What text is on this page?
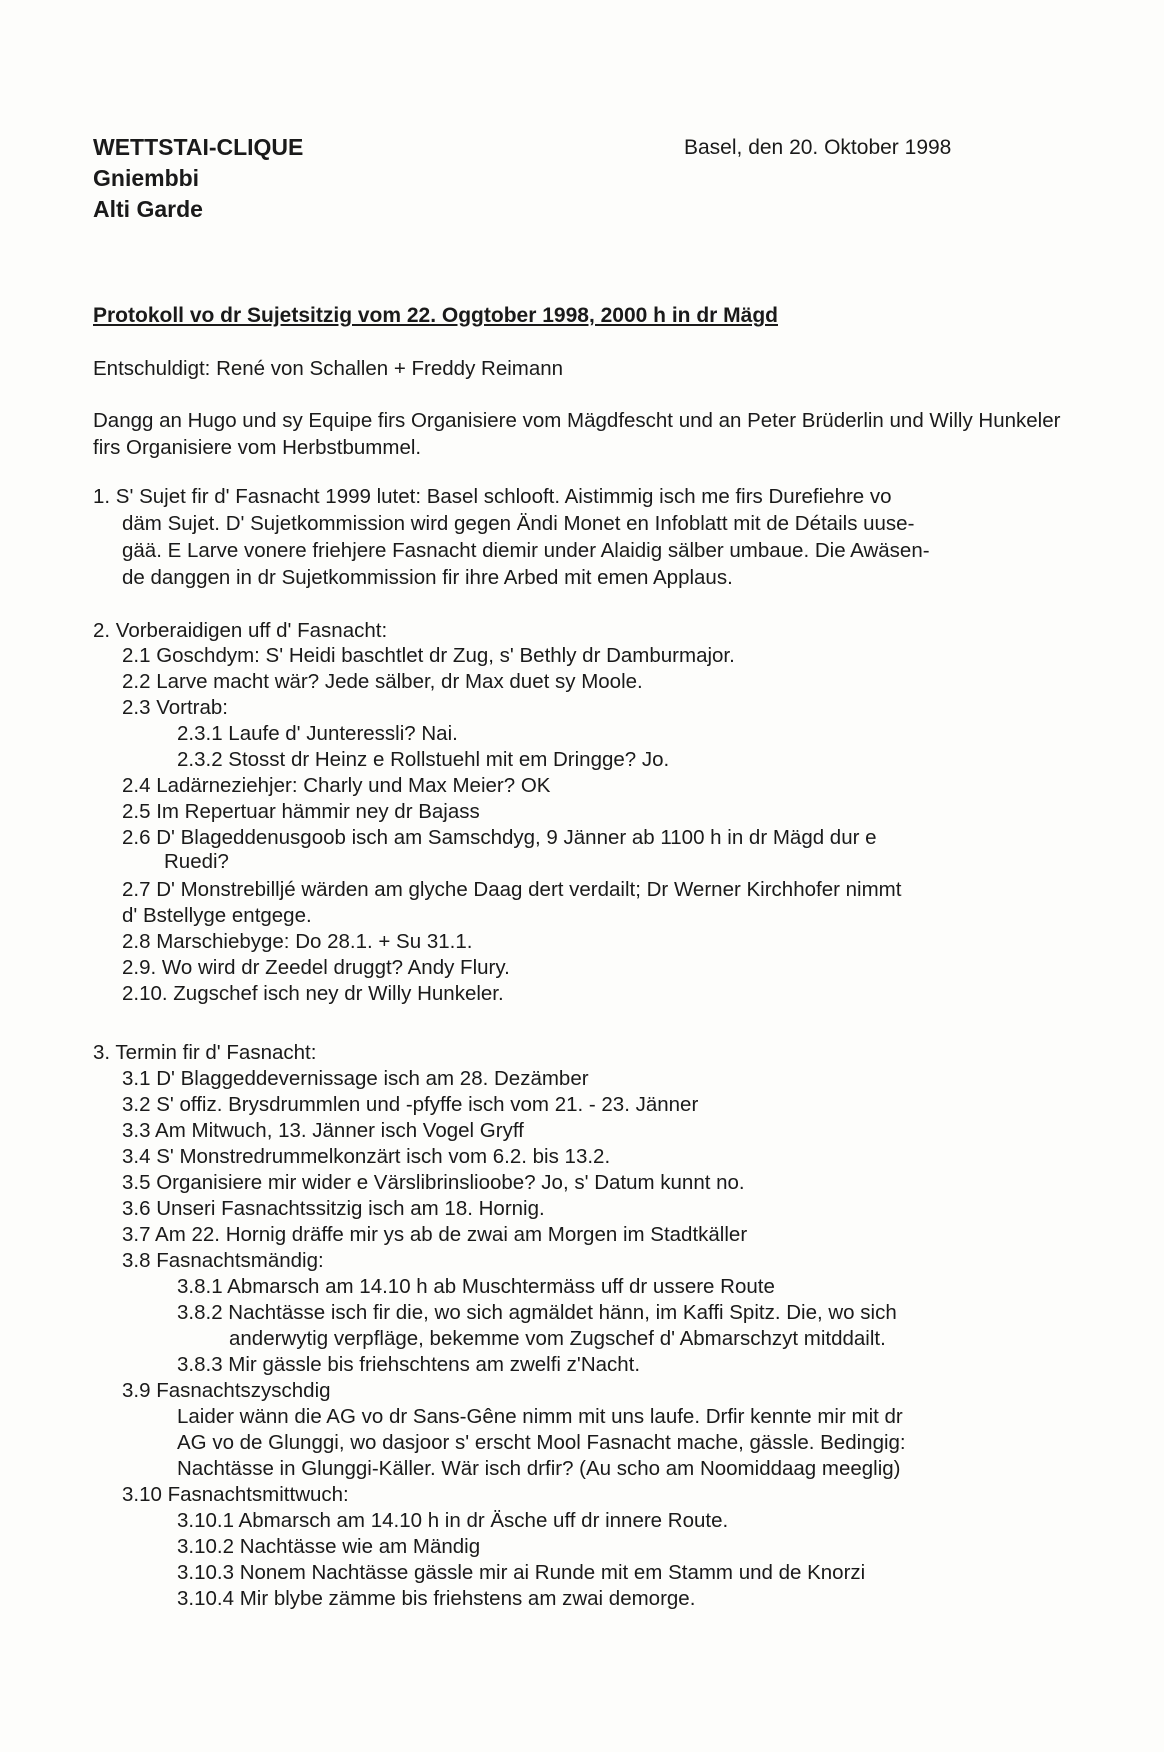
WETTSTAI-CLIQUE
Gniembbi
Alti Garde
Basel, den 20. Oktober 1998
Protokoll vo dr Sujetsitzig vom 22. Oggtober 1998, 2000 h in dr Mägd
Entschuldigt: René von Schallen + Freddy Reimann
Dangg an Hugo und sy Equipe firs Organisiere vom Mägdfescht und an Peter Brüderlin und Willy Hunkeler firs Organisiere vom Herbstbummel.
1. S' Sujet fir d' Fasnacht 1999 lutet: Basel schlooft. Aistimmig isch me firs Durefiehre vo
däm Sujet. D' Sujetkommission wird gegen Ändi Monet en Infoblatt mit de Détails uuse-
gää. E Larve vonere friehjere Fasnacht diemir under Alaidig sälber umbaue. Die Awäsen-
de danggen in dr Sujetkommission fir ihre Arbed mit emen Applaus.
2. Vorberaidigen uff d' Fasnacht:
2.1 Goschdym: S' Heidi baschtlet dr Zug, s' Bethly dr Damburmajor.
2.2 Larve macht wär? Jede sälber, dr Max duet sy Moole.
2.3 Vortrab:
2.3.1 Laufe d' Junteressli? Nai.
2.3.2 Stosst dr Heinz e Rollstuehl mit em Dringge? Jo.
2.4 Ladärneziehjer: Charly und Max Meier? OK
2.5 Im Repertuar hämmir ney dr Bajass
2.6 D' Blageddenusgoob isch am Samschdyg, 9 Jänner ab 1100 h in dr Mägd dur e
Ruedi?
2.7 D' Monstrebilljé wärden am glyche Daag dert verdailt; Dr Werner Kirchhofer nimmt
d' Bstellyge entgege.
2.8 Marschiebyge: Do 28.1. + Su 31.1.
2.9. Wo wird dr Zeedel druggt? Andy Flury.
2.10. Zugschef isch ney dr Willy Hunkeler.
3. Termin fir d' Fasnacht:
3.1 D' Blaggeddevernissage isch am 28. Dezämber
3.2 S' offiz. Brysdrummlen und -pfyffe isch vom 21. - 23. Jänner
3.3 Am Mitwuch, 13. Jänner isch Vogel Gryff
3.4 S' Monstredrummelkonzärt isch vom 6.2. bis 13.2.
3.5 Organisiere mir wider e Värslibrinslioobe? Jo, s' Datum kunnt no.
3.6 Unseri Fasnachtssitzig isch am 18. Hornig.
3.7 Am 22. Hornig dräffe mir ys ab de zwai am Morgen im Stadtkäller
3.8 Fasnachtsmändig:
3.8.1 Abmarsch am 14.10 h ab Muschtermäss uff dr ussere Route
3.8.2 Nachtässe isch fir die, wo sich agmäldet hänn, im Kaffi Spitz. Die, wo sich
anderwytig verpfläge, bekemme vom Zugschef d' Abmarschzyt mitddailt.
3.8.3 Mir gässle bis friehschtens am zwelfi z'Nacht.
3.9 Fasnachtszyschdig
Laider wänn die AG vo dr Sans-Gêne nimm mit uns laufe. Drfir kennte mir mit dr
AG vo de Glunggi, wo dasjoor s' erscht Mool Fasnacht mache, gässle. Bedingig:
Nachtässe in Glunggi-Käller. Wär isch drfir? (Au scho am Noomiddaag meeglig)
3.10 Fasnachtsmittwuch:
3.10.1 Abmarsch am 14.10 h in dr Äsche uff dr innere Route.
3.10.2 Nachtässe wie am Mändig
3.10.3 Nonem Nachtässe gässle mir ai Runde mit em Stamm und de Knorzi
3.10.4 Mir blybe zämme bis friehstens am zwai demorge.
